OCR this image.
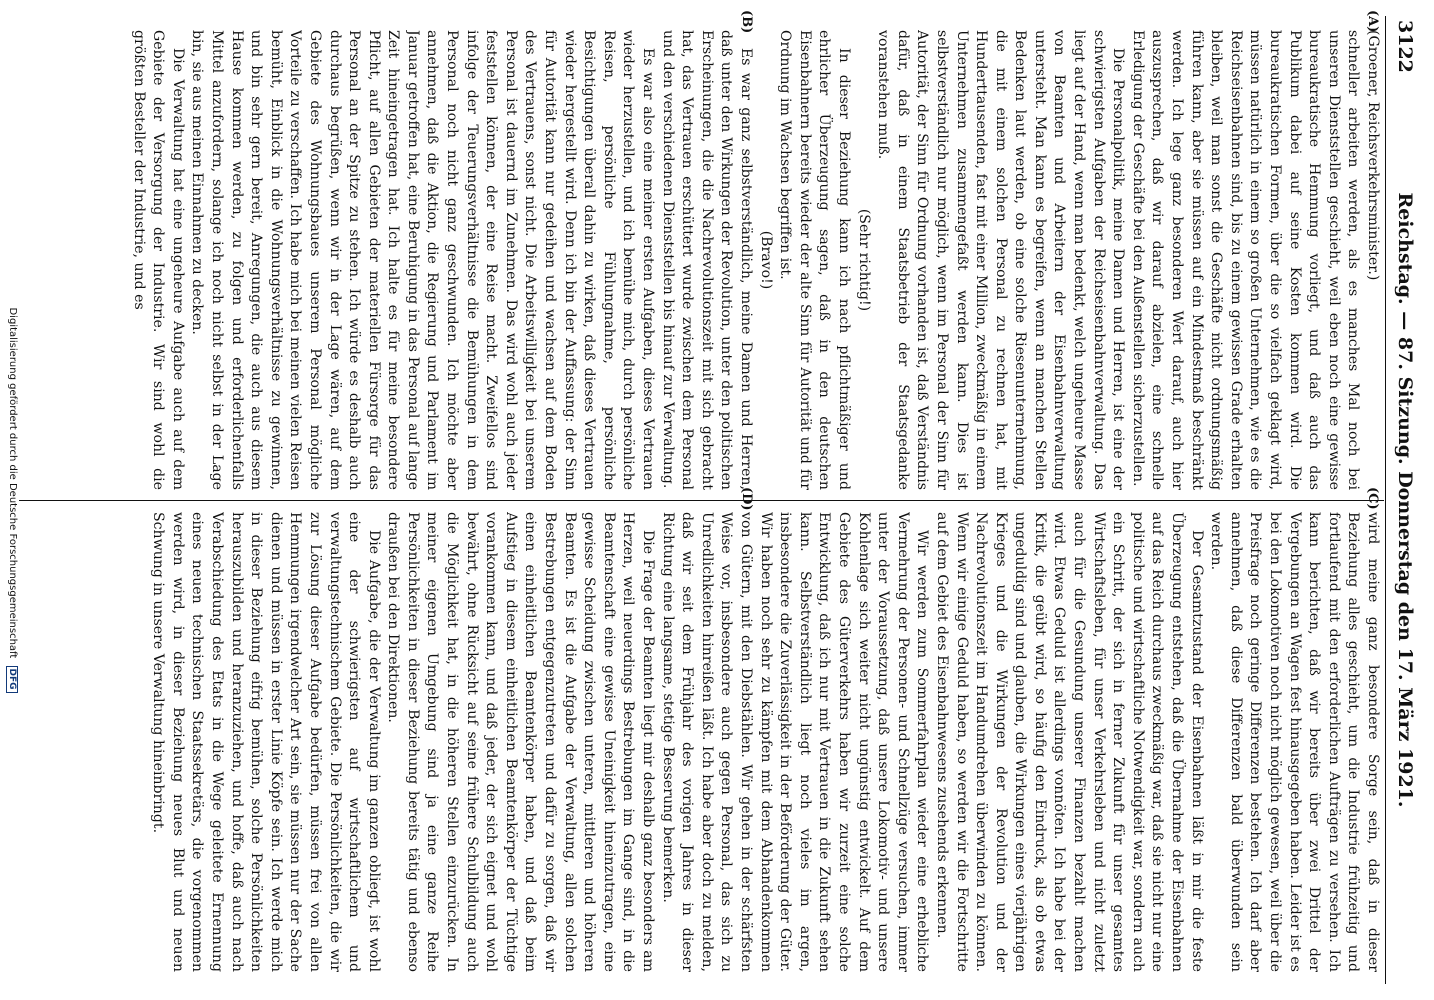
3122
Reichstag. — 87. Sitzung. Donnerstag den 17. März 1921.
(A)
(B)
(C)
(D)

(Groener, Reichsverkehrsminister.)

schneller arbeiten werden, als es manches Mal noch bei unseren Dienststellen geschieht, weil eben noch eine gewisse bureaukratische Hemmung vorliegt, und daß auch das Publikum dabei auf seine Kosten kommen wird. Die bureaukratischen Formen, über die so vielfach geklagt wird, müssen natürlich in einem so großen Unternehmen, wie es die Reichseisenbahnen sind, bis zu einem gewissen Grade erhalten bleiben, weil man sonst die Geschäfte nicht ordnungsmäßig führen kann, aber sie müssen auf ein Mindestmaß beschränkt werden. Ich lege ganz besonderen Wert darauf, auch hier auszusprechen, daß wir darauf abzielen, eine schnelle Erledigung der Geschäfte bei den Außenstellen sicherzustellen.

Die Personalpolitik, meine Damen und Herren, ist eine der schwierigsten Aufgaben der Reichseisenbahnverwaltung. Das liegt auf der Hand, wenn man bedenkt, welch ungeheure Masse von Beamten und Arbeitern der Eisenbahnverwaltung untersteht. Man kann es begreifen, wenn an manchen Stellen Bedenken laut werden, ob eine solche Riesenunternehmung, die mit einem solchen Personal zu rechnen hat, mit Hunderttausenden, fast mit einer Million, zweckmäßig in einem Unternehmen zusammengefaßt werden kann. Dies ist selbstverständlich nur möglich, wenn im Personal der Sinn für Autorität, der Sinn für Ordnung vorhanden ist, daß Verständnis dafür, daß in einem Staatsbetrieb der Staatsgedanke voranstehen muß.

(Sehr richtig!)

In dieser Beziehung kann ich nach pflichtmäßiger und ehrlicher Überzeugung sagen, daß in den deutschen Eisenbahnern bereits wieder der alte Sinn für Autorität und für Ordnung im Wachsen begriffen ist.

(Bravo!)

Es war ganz selbstverständlich, meine Damen und Herren, daß unter den Wirkungen der Revolution, unter den politischen Erscheinungen, die die Nachrevolutionszeit mit sich gebracht hat, das Vertrauen erschüttert wurde zwischen dem Personal und den verschiedenen Dienststellen bis hinauf zur Verwaltung.

Es war also eine meiner ersten Aufgaben, dieses Vertrauen wieder herzustellen, und ich bemühe mich, durch persönliche Reisen, persönliche Fühlungnahme, persönliche Besichtigungen überall dahin zu wirken, daß dieses Vertrauen wieder hergestellt wird. Denn ich bin der Auffassung: der Sinn für Autorität kann nur gedeihen und wachsen auf dem Boden des Vertrauens, sonst nicht. Die Arbeitswilligkeit bei unserem Personal ist dauernd im Zunehmen. Das wird wohl auch jeder feststellen können, der eine Reise macht. Zweifellos sind infolge der Teuerungsverhältnisse die Bemühungen in dem Personal noch nicht ganz geschwunden. Ich möchte aber annehmen, daß die Aktion, die Regierung und Parlament im Januar getroffen hat, eine Beruhigung in das Personal auf lange Zeit hineingetragen hat. Ich halte es für meine besondere Pflicht, auf allen Gebieten der materiellen Fürsorge für das Personal an der Spitze zu stehen. Ich würde es deshalb auch durchaus begrüßen, wenn wir in der Lage wären, auf dem Gebiete des Wohnungsbaues unserem Personal mögliche Vorteile zu verschaffen. Ich habe mich bei meinen vielen Reisen bemüht, Einblick in die Wohnungsverhältnisse zu gewinnen, und bin sehr gern bereit, Anregungen, die auch aus diesem Hause kommen werden, zu folgen und erforderlichenfalls Mittel anzufordern, solange ich noch nicht selbst in der Lage bin, sie aus meinen Einnahmen zu decken.

Die Verwaltung hat eine ungeheure Aufgabe auch auf dem Gebiete der Versorgung der Industrie. Wir sind wohl die größten Besteller der Industrie, und es

wird meine ganz besondere Sorge sein, daß in dieser Beziehung alles geschieht, um die Industrie frühzeitig und fortlaufend mit den erforderlichen Aufträgen zu versehen. Ich kann berichten, daß wir bereits über zwei Drittel der Vergebungen an Wagen fest hinausgegeben haben. Leider ist es bei den Lokomotiven noch nicht möglich gewesen, weil über die Preisfrage noch geringe Differenzen bestehen. Ich darf aber annehmen, daß diese Differenzen bald überwunden sein werden.

Der Gesamtzustand der Eisenbahnen läßt in mir die feste Überzeugung entstehen, daß die Übernahme der Eisenbahnen auf das Reich durchaus zweckmäßig war, daß sie nicht nur eine politische und wirtschaftliche Notwendigkeit war, sondern auch ein Schritt, der sich in ferner Zukunft für unser gesamtes Wirtschaftsleben, für unser Verkehrsleben und nicht zuletzt auch für die Gesundung unserer Finanzen bezahlt machen wird. Etwas Geduld ist allerdings vonnöten. Ich habe bei der Kritik, die geübt wird, so häufig den Eindruck, als ob etwas ungeduldig sind und glauben, die Wirkungen eines vierjährigen Krieges und die Wirkungen der Revolution und der Nachrevolutionszeit im Handumdrehen überwinden zu können. Wenn wir einige Geduld haben, so werden wir die Fortschritte auf dem Gebiet des Eisenbahnwesens zusehends erkennen.

Wir werden zum Sommerfahrplan wieder eine erhebliche Vermehrung der Personen- und Schnellzüge versuchen, immer unter der Voraussetzung, daß unsere Lokomotiv- und unsere Kohlenlage sich weiter nicht ungünstig entwickelt. Auf dem Gebiete des Güterverkehrs haben wir zurzeit eine solche Entwicklung, daß ich nur mit Vertrauen in die Zukunft sehen kann. Selbstverständlich liegt noch vieles im argen, insbesondere die Zuverlässigkeit in der Beförderung der Güter. Wir haben noch sehr zu kämpfen mit dem Abhandenkommen von Gütern, mit den Diebstählen. Wir gehen in der schärfsten Weise vor, insbesondere auch gegen Personal, das sich zu Unredlichkeiten hinreißen läßt. Ich habe aber doch zu melden, daß wir seit dem Frühjahr des vorigen Jahres in dieser Richtung eine langsame, stetige Besserung bemerken.

Die Frage der Beamten liegt mir deshalb ganz besonders am Herzen, weil neuerdings Bestrebungen im Gange sind, in die Beamtenschaft eine gewisse Uneinigkeit hineinzutragen, eine gewisse Scheidung zwischen unteren, mittleren und höheren Beamten. Es ist die Aufgabe der Verwaltung, allen solchen Bestrebungen entgegenzutreten und dafür zu sorgen, daß wir einen einheitlichen Beamtenkörper haben, und daß beim Aufstieg in diesem einheitlichen Beamtenkörper der Tüchtige vorankommen kann, und daß jeder, der sich eignet und wohl bewährt, ohne Rücksicht auf seine frühere Schulbildung auch die Möglichkeit hat, in die höheren Stellen einzurücken. In meiner eigenen Umgebung sind ja eine ganze Reihe Persönlichkeiten in dieser Beziehung bereits tätig und ebenso draußen bei den Direktionen.

Die Aufgabe, die der Verwaltung im ganzen obliegt, ist wohl eine der schwierigsten auf wirtschaftlichem und verwaltungstechnischem Gebiete. Die Persönlichkeiten, die wir zur Lösung dieser Aufgabe bedürfen, müssen frei von allen Hemmungen irgendwelcher Art sein, sie müssen nur der Sache dienen und müssen in erster Linie Köpfe sein. Ich werde mich in dieser Beziehung eifrig bemühen, solche Persönlichkeiten herauszubilden und heranzuziehen, und hoffe, daß auch nach Verabschiedung des Etats in die Wege geleitete Ernennung eines neuen technischen Staatssekretärs, die vorgenommen werden wird, in dieser Beziehung neues Blut und neuen Schwung in unsere Verwaltung hineinbringt.

Digitalisierung gefördert durch die Deutsche Forschungsgemeinschaft DFG
